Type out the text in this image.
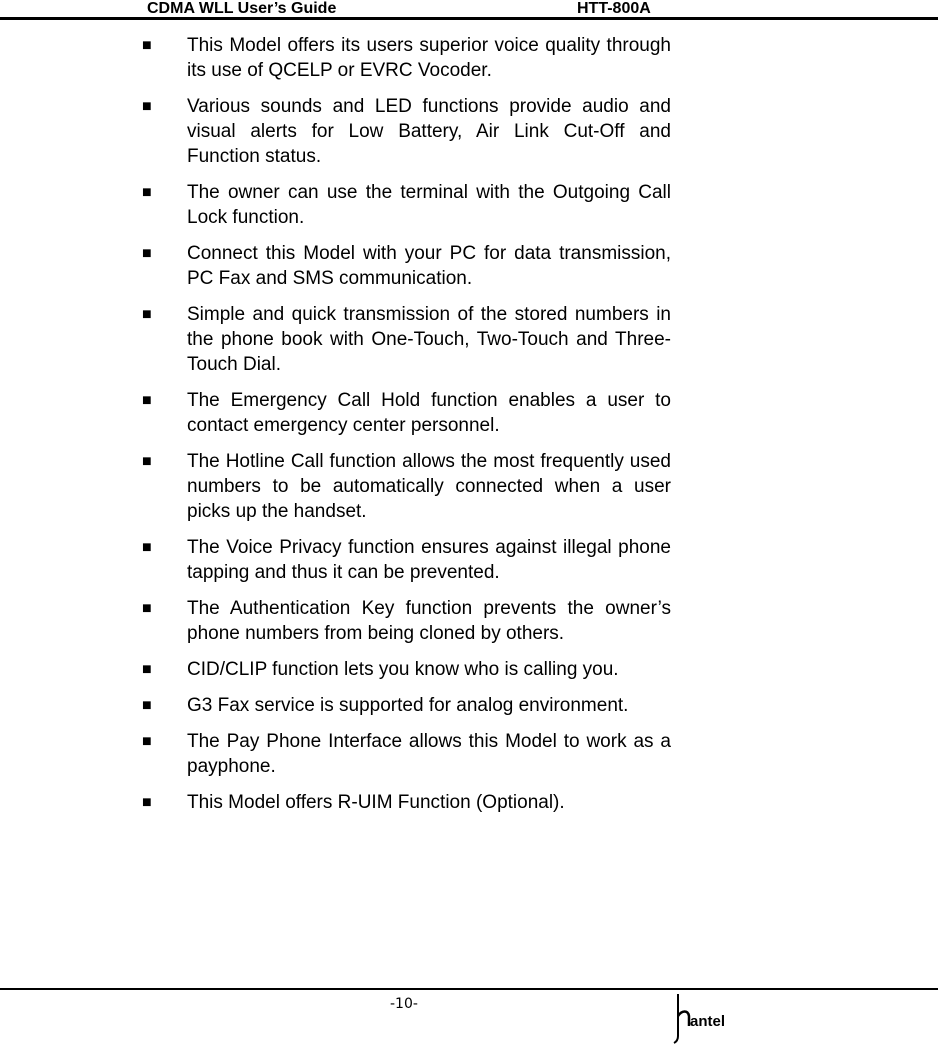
CDMA WLL User’s Guide	HTT-800A
■ This Model offers its users superior voice quality through its use of QCELP or EVRC Vocoder.
■ Various sounds and LED functions provide audio and visual alerts for Low Battery, Air Link Cut-Off and Function status.
■ The owner can use the terminal with the Outgoing Call Lock function.
■ Connect this Model with your PC for data transmission, PC Fax and SMS communication.
■ Simple and quick transmission of the stored numbers in the phone book with One-Touch, Two-Touch and Three-Touch Dial.
■ The Emergency Call Hold function enables a user to contact emergency center personnel.
■ The Hotline Call function allows the most frequently used numbers to be automatically connected when a user picks up the handset.
■ The Voice Privacy function ensures against illegal phone tapping and thus it can be prevented.
■ The Authentication Key function prevents the owner’s phone numbers from being cloned by others.
■ CID/CLIP function lets you know who is calling you.
■ G3 Fax service is supported for analog environment.
■ The Pay Phone Interface allows this Model to work as a payphone.
■ This Model offers R-UIM Function (Optional).
-10-
antel
